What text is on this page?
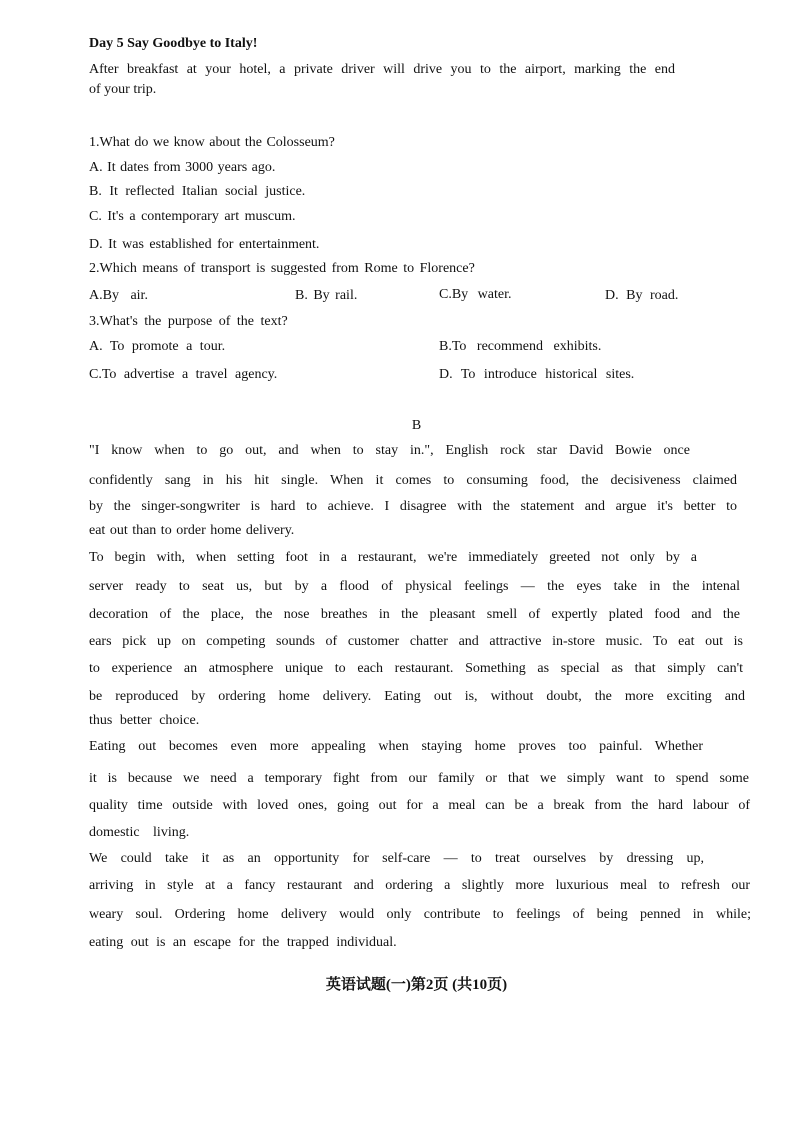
Day 5 Say Goodbye to Italy!
After breakfast at your hotel, a private driver will drive you to the airport, marking the end
of your trip.
1.What do we know about the Colosseum?
A. It dates from 3000 years ago.
B. It reflected Italian social justice.
C. It's a contemporary art muscum.
D. It was established for entertainment.
2.Which means of transport is suggested from Rome to Florence?
A.By air.	B. By rail.	C.By water.	D. By road.
3.What's the purpose of the text?
A. To promote a tour.	B.To recommend exhibits.
C.To advertise a travel agency.	D. To introduce historical sites.
B
"I know when to go out, and when to stay in.", English rock star David Bowie once
confidently sang in his hit single. When it comes to consuming food, the decisiveness claimed
by the singer-songwriter is hard to achieve. I disagree with the statement and argue it's better to
eat out than to order home delivery.
To begin with, when setting foot in a restaurant, we're immediately greeted not only by a
server ready to seat us, but by a flood of physical feelings — the eyes take in the intenal
decoration of the place, the nose breathes in the pleasant smell of expertly plated food and the
ears pick up on competing sounds of customer chatter and attractive in-store music. To eat out is
to experience an atmosphere unique to each restaurant. Something as special as that simply can't
be reproduced by ordering home delivery. Eating out is, without doubt, the more exciting and
thus better choice.
Eating out becomes even more appealing when staying home proves too painful. Whether
it is because we need a temporary fight from our family or that we simply want to spend some
quality time outside with loved ones, going out for a meal can be a break from the hard labour of
domestic living.
We could take it as an opportunity for self-care — to treat ourselves by dressing up,
arriving in style at a fancy restaurant and ordering a slightly more luxurious meal to refresh our
weary soul. Ordering home delivery would only contribute to feelings of being penned in while;
eating out is an escape for the trapped individual.
英语试题(一)第2页 (共10页)
